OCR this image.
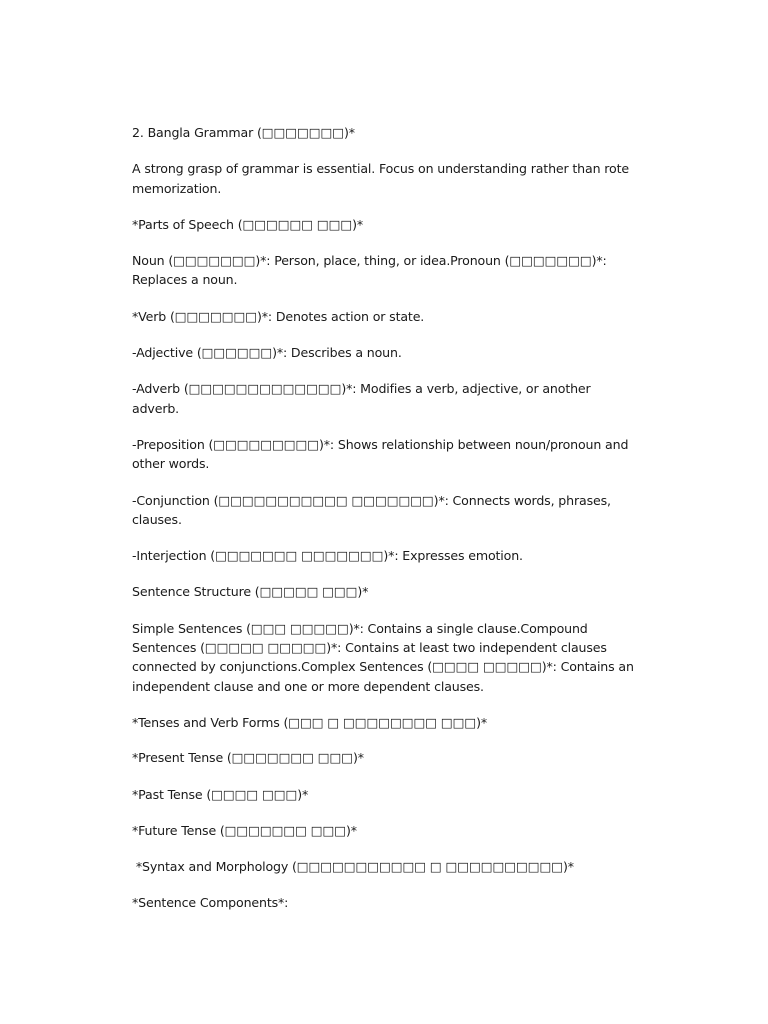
2. Bangla Grammar (□□□□□□□)*

A strong grasp of grammar is essential. Focus on understanding rather than rote memorization.

*Parts of Speech (□□□□□□ □□□)*

Noun (□□□□□□□)*: Person, place, thing, or idea.Pronoun (□□□□□□□)*: Replaces a noun.

*Verb (□□□□□□□)*: Denotes action or state.

-Adjective (□□□□□□)*: Describes a noun.

-Adverb (□□□□□□□□□□□□□)*: Modifies a verb, adjective, or another adverb.

-Preposition (□□□□□□□□□)*: Shows relationship between noun/pronoun and other words.

-Conjunction (□□□□□□□□□□□ □□□□□□□)*: Connects words, phrases, clauses.

-Interjection (□□□□□□□ □□□□□□□)*: Expresses emotion.

Sentence Structure (□□□□□ □□□)*

Simple Sentences (□□□ □□□□□)*: Contains a single clause.Compound Sentences (□□□□□ □□□□□)*: Contains at least two independent clauses connected by conjunctions.Complex Sentences (□□□□ □□□□□)*: Contains an independent clause and one or more dependent clauses.

*Tenses and Verb Forms (□□□ □ □□□□□□□□ □□□)*

*Present Tense (□□□□□□□ □□□)*

*Past Tense (□□□□ □□□)*

*Future Tense (□□□□□□□ □□□)*

*Syntax and Morphology (□□□□□□□□□□□ □ □□□□□□□□□□)*

*Sentence Components*:
